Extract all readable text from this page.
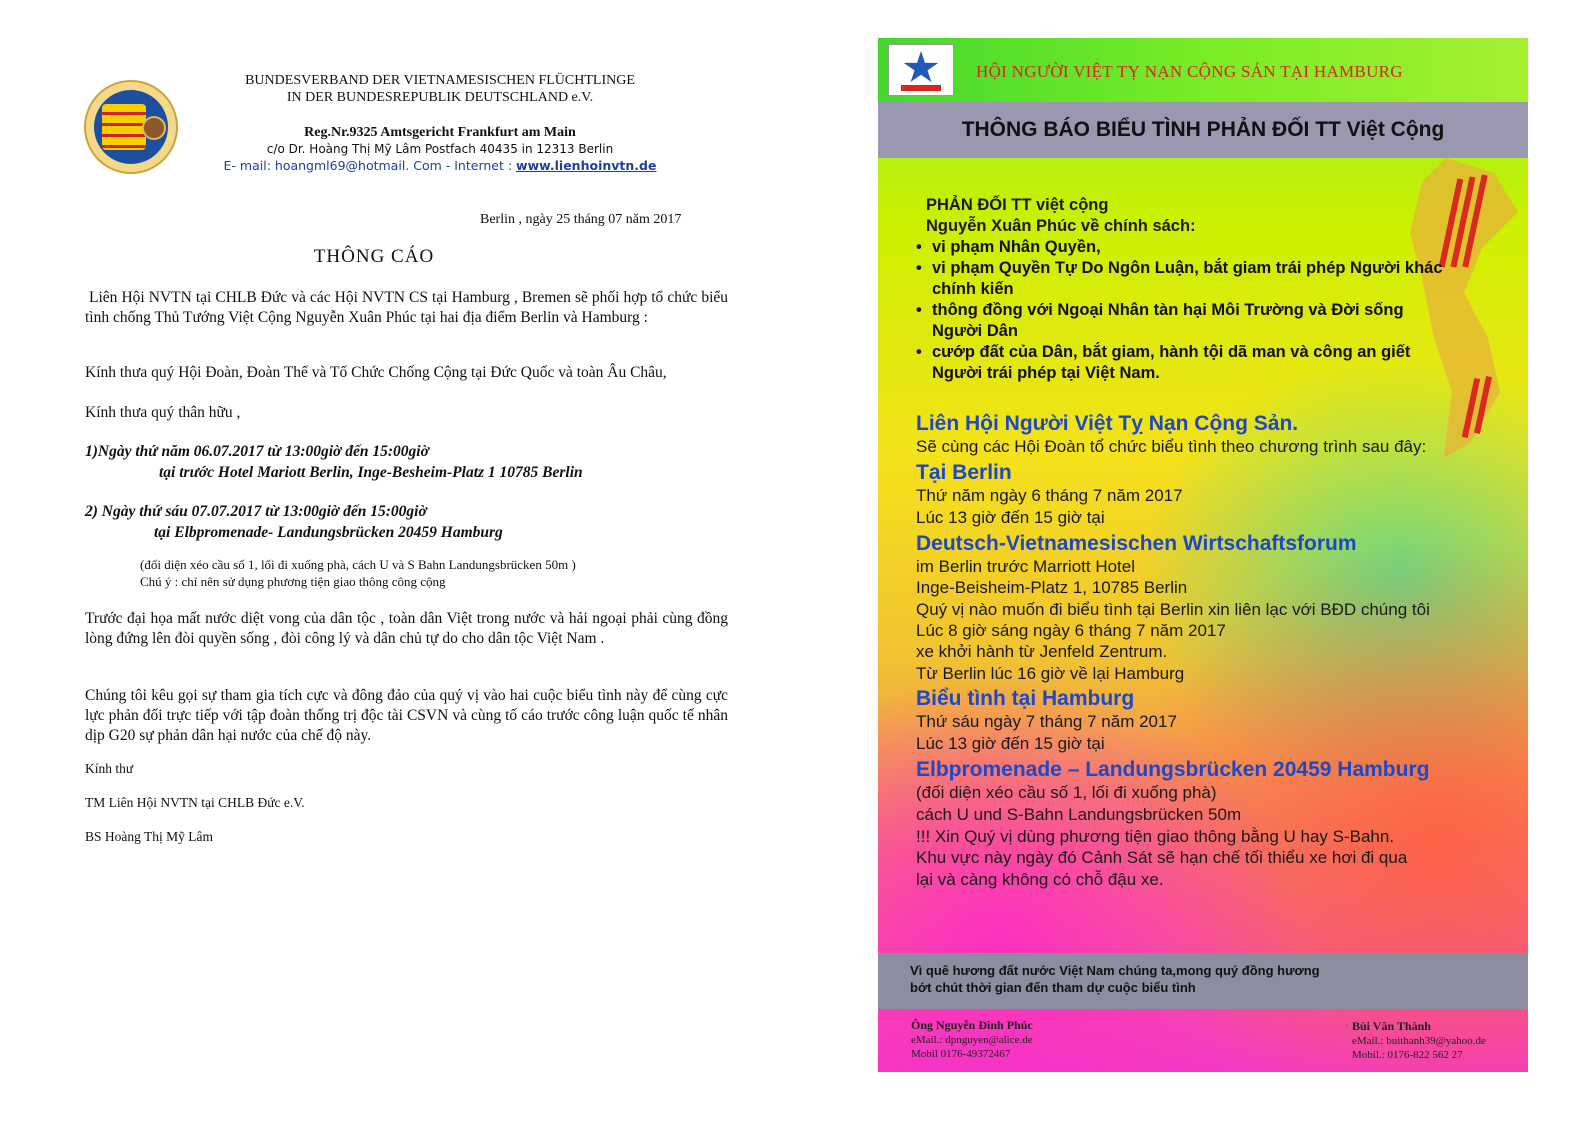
BUNDESVERBAND DER VIETNAMESISCHEN FLÜCHTLINGE
IN DER BUNDESREPUBLIK DEUTSCHLAND e.V.
Reg.Nr.9325 Amtsgericht Frankfurt am Main
c/o Dr. Hoàng Thị Mỹ Lâm Postfach 40435 in 12313 Berlin
E- mail: hoangml69@hotmail. Com - Internet : www.lienhoinvtn.de
Berlin , ngày 25 tháng 07 năm 2017
THÔNG CÁO
Liên Hội NVTN tại CHLB Đức và các Hội NVTN CS tại Hamburg , Bremen sẽ phối hợp tổ chức biểu tình chống Thủ Tướng Việt Cộng Nguyễn Xuân Phúc tại hai địa điểm Berlin và Hamburg :
Kính thưa quý Hội Đoàn, Đoàn Thể và Tổ Chức Chống Cộng tại Đức Quốc và toàn Âu Châu,
Kính thưa quý thân hữu ,
1)Ngày thứ năm 06.07.2017 từ 13:00giờ đến 15:00giờ
tại trước Hotel Mariott Berlin, Inge-Besheim-Platz 1 10785 Berlin
2) Ngày thứ sáu 07.07.2017 từ 13:00giờ đến 15:00giờ
tại Elbpromenade- Landungsbrücken 20459 Hamburg
(đối diện xéo cầu số 1, lối đi xuống phà, cách U và S Bahn Landungsbrücken 50m )
Chú ý : chỉ nên sử dụng phương tiện giao thông công cộng
Trước đại họa mất nước diệt vong của dân tộc , toàn dân Việt trong nước và hải ngoại phải cùng đồng lòng đứng lên đòi quyền sống , đòi công lý và dân chủ tự do cho dân tộc Việt Nam .
Chúng tôi kêu gọi sự tham gia tích cực và đông đảo của quý vị vào hai cuộc biểu tình này để cùng cực lực phản đối trực tiếp với tập đoàn thống trị độc tài CSVN và cùng tố cáo trước công luận quốc tế nhân dịp G20 sự phản dân hại nước của chế độ này.
Kính thư
TM Liên Hội NVTN tại CHLB Đức e.V.
BS Hoàng Thị Mỹ Lâm
HỘI NGƯỜI VIỆT TỴ NẠN CỘNG SẢN TẠI HAMBURG
THÔNG BÁO BIỂU TÌNH PHẢN ĐỐI TT Việt Cộng
PHẢN ĐỐI TT việt cộng
Nguyễn Xuân Phúc về chính sách:
• vi phạm Nhân Quyền,
• vi phạm Quyền Tự Do Ngôn Luận, bắt giam trái phép Người khác chính kiến
• thông đồng với Ngoại Nhân tàn hại Môi Trường và Đời sống Người Dân
• cướp đất của Dân, bắt giam, hành tội dã man và công an giết Người trái phép tại Việt Nam.
Liên Hội Người Việt Tỵ Nạn Cộng Sản.
Sẽ cùng các Hội Đoàn tổ chức biểu tình theo chương trình sau đây:
Tại Berlin
Thứ năm ngày 6 tháng 7 năm 2017
Lúc 13 giờ đến 15 giờ tại
Deutsch-Vietnamesischen Wirtschaftsforum
im Berlin trước Marriott Hotel
Inge-Beisheim-Platz 1, 10785 Berlin
Quý vị nào muốn đi biểu tình tại Berlin xin liên lạc với BĐD chúng tôi
Lúc 8 giờ sáng ngày 6 tháng 7 năm 2017
xe khởi hành từ Jenfeld Zentrum.
Từ Berlin lúc 16 giờ về lại Hamburg
Biểu tình tại Hamburg
Thứ sáu ngày 7 tháng 7 năm 2017
Lúc 13 giờ đến 15 giờ tại
Elbpromenade – Landungsbrücken 20459 Hamburg
(đối diện xéo cầu số 1, lối đi xuống phà)
cách U und S-Bahn Landungsbrücken 50m
!!! Xin Quý vị dùng phương tiện giao thông bằng U hay S-Bahn.
Khu vực này ngày đó Cảnh Sát sẽ hạn chế tối thiểu xe hơi đi qua
lại và càng không có chỗ đậu xe.
Vì quê hương đất nước Việt Nam chúng ta,mong quý đồng hương
bớt chút thời gian đến tham dự cuộc biểu tình
Ông Nguyễn Đình Phúc
eMail.: dpnguyen@alice.de
Mobil 0176-49372467
Bùi Văn Thành
eMail.: buithanh39@yahoo.de
Mobil.: 0176-822 562 27
